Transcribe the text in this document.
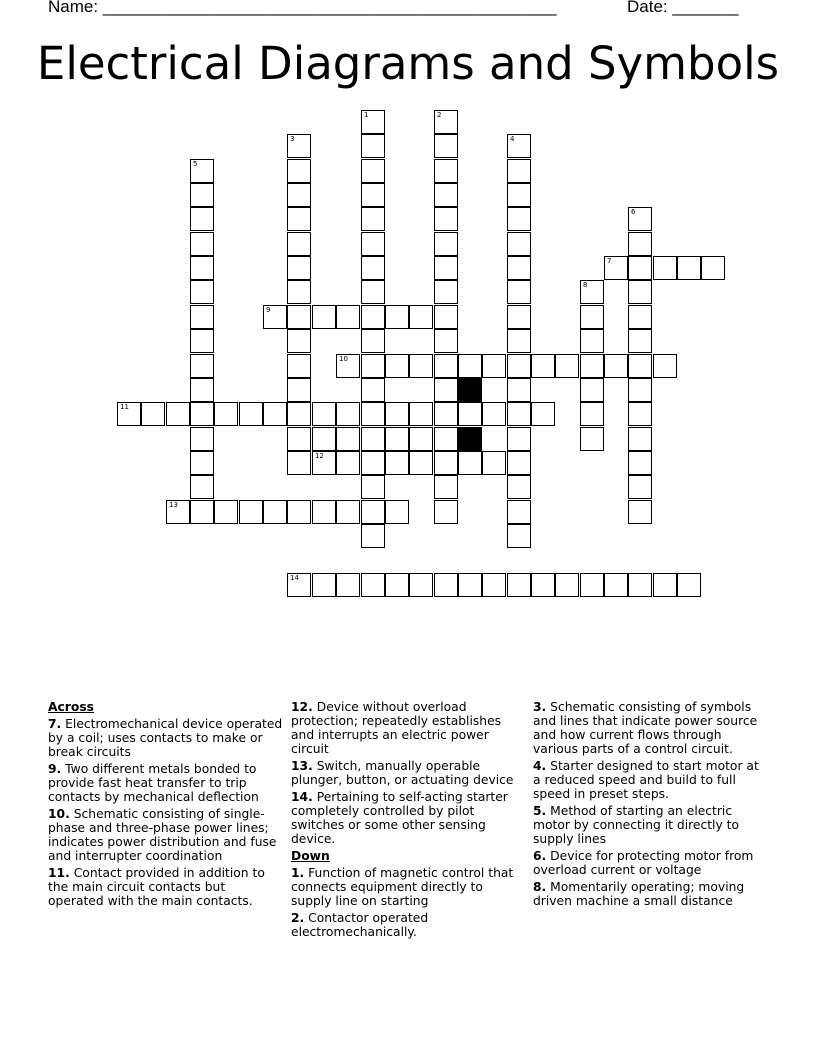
Name: ________________________________________________	Date: _______
Electrical Diagrams and Symbols
1	2
3	4
5
6
7
8
9
10
11
12
13
14
Across
7. Electromechanical device operated by a coil; uses contacts to make or break circuits
9. Two different metals bonded to provide fast heat transfer to trip contacts by mechanical deflection
10. Schematic consisting of single-phase and three-phase power lines; indicates power distribution and fuse and interrupter coordination
11. Contact provided in addition to the main circuit contacts but operated with the main contacts.
12. Device without overload protection; repeatedly establishes and interrupts an electric power circuit
13. Switch, manually operable plunger, button, or actuating device
14. Pertaining to self-acting starter completely controlled by pilot switches or some other sensing device.
Down
1. Function of magnetic control that connects equipment directly to supply line on starting
2. Contactor operated electromechanically.
3. Schematic consisting of symbols and lines that indicate power source and how current flows through various parts of a control circuit.
4. Starter designed to start motor at a reduced speed and build to full speed in preset steps.
5. Method of starting an electric motor by connecting it directly to supply lines
6. Device for protecting motor from overload current or voltage
8. Momentarily operating; moving driven machine a small distance
